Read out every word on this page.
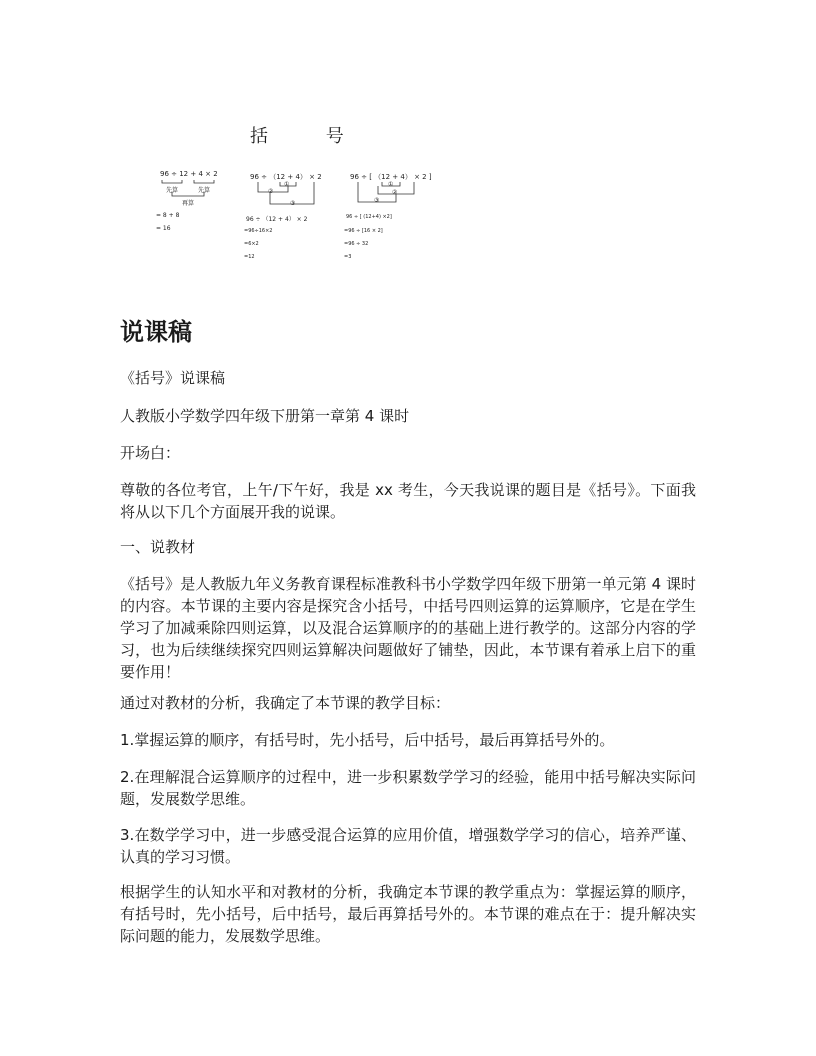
括 号
96 ÷ 12 + 4 × 2
先算	先算
再算
= 8 + 8
= 16
96 ÷ （12 + 4） × 2
①
②
③
96 ÷ （12 + 4） × 2
=96÷16×2
=6×2
=12
96 ÷ [ （12 + 4） × 2 ]
①
②
③
96 ÷ [ (12+4) ×2]
=96 ÷ [16 × 2]
=96 ÷ 32
=3
说课稿
《括号》说课稿
人教版小学数学四年级下册第一章第 4 课时
开场白：
尊敬的各位考官，上午/下午好，我是 xx 考生，今天我说课的题目是《括号》。下面我将从以下几个方面展开我的说课。
一、说教材
《括号》是人教版九年义务教育课程标准教科书小学数学四年级下册第一单元第 4 课时的内容。本节课的主要内容是探究含小括号，中括号四则运算的运算顺序，它是在学生学习了加减乘除四则运算，以及混合运算顺序的的基础上进行教学的。这部分内容的学习，也为后续继续探究四则运算解决问题做好了铺垫，因此，本节课有着承上启下的重要作用！
通过对教材的分析，我确定了本节课的教学目标：
1.掌握运算的顺序，有括号时，先小括号，后中括号，最后再算括号外的。
2.在理解混合运算顺序的过程中，进一步积累数学学习的经验，能用中括号解决实际问题，发展数学思维。
3.在数学学习中，进一步感受混合运算的应用价值，增强数学学习的信心，培养严谨、认真的学习习惯。
根据学生的认知水平和对教材的分析，我确定本节课的教学重点为：掌握运算的顺序，有括号时，先小括号，后中括号，最后再算括号外的。本节课的难点在于：提升解决实际问题的能力，发展数学思维。
